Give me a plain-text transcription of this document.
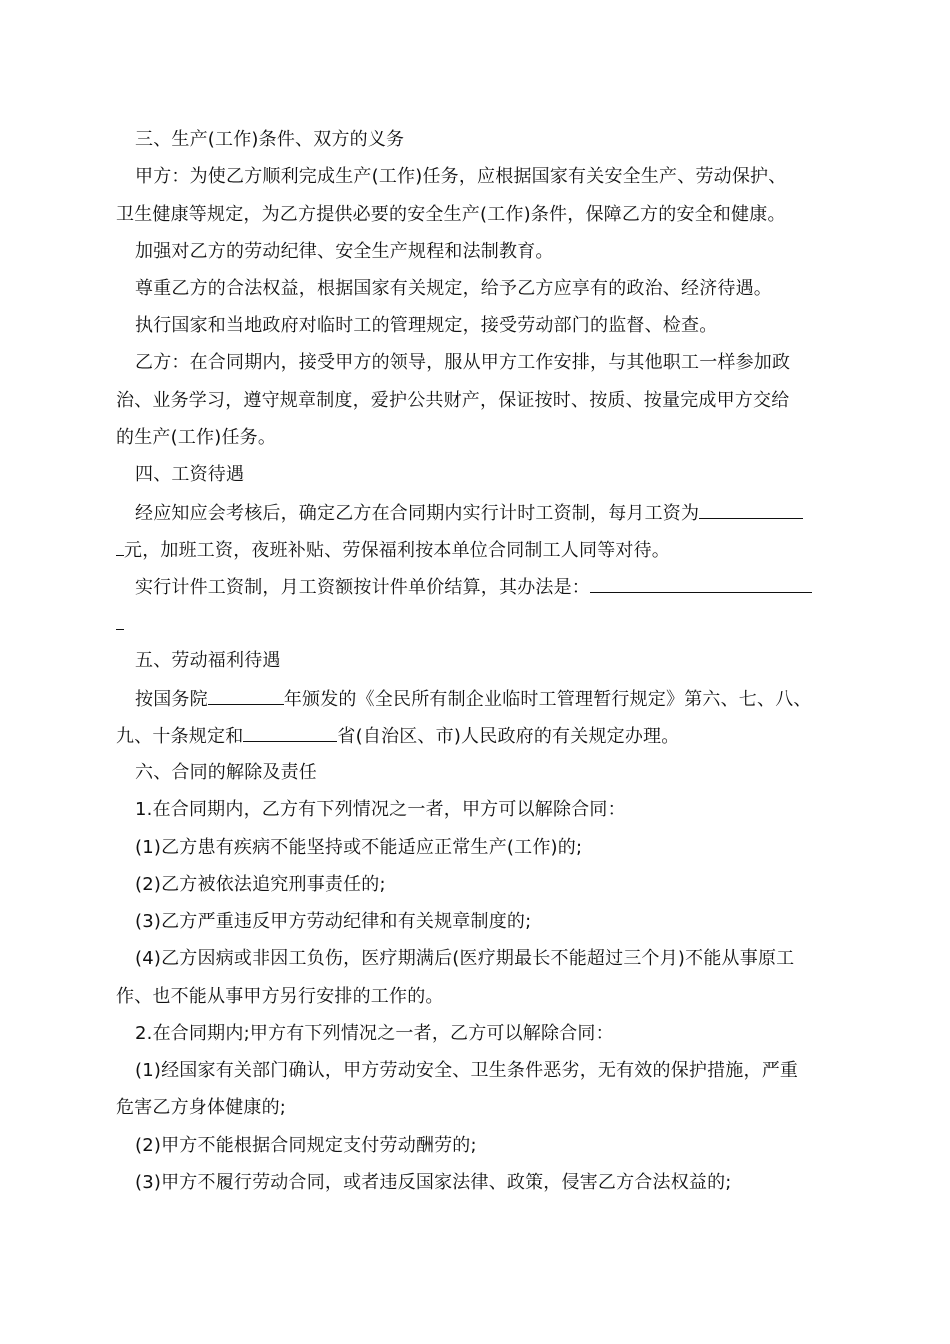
三、生产(工作)条件、双方的义务
甲方：为使乙方顺利完成生产(工作)任务，应根据国家有关安全生产、劳动保护、
卫生健康等规定，为乙方提供必要的安全生产(工作)条件，保障乙方的安全和健康。
加强对乙方的劳动纪律、安全生产规程和法制教育。
尊重乙方的合法权益，根据国家有关规定，给予乙方应享有的政治、经济待遇。
执行国家和当地政府对临时工的管理规定，接受劳动部门的监督、检查。
乙方：在合同期内，接受甲方的领导，服从甲方工作安排，与其他职工一样参加政
治、业务学习，遵守规章制度，爱护公共财产，保证按时、按质、按量完成甲方交给
的生产(工作)任务。
四、工资待遇
经应知应会考核后，确定乙方在合同期内实行计时工资制，每月工资为
元，加班工资，夜班补贴、劳保福利按本单位合同制工人同等对待。
实行计件工资制，月工资额按计件单价结算，其办法是：
五、劳动福利待遇
按国务院	年颁发的《全民所有制企业临时工管理暂行规定》第六、七、八、
九、十条规定和	省(自治区、市)人民政府的有关规定办理。
六、合同的解除及责任
1.在合同期内，乙方有下列情况之一者，甲方可以解除合同：
(1)乙方患有疾病不能坚持或不能适应正常生产(工作)的;
(2)乙方被依法追究刑事责任的;
(3)乙方严重违反甲方劳动纪律和有关规章制度的;
(4)乙方因病或非因工负伤，医疗期满后(医疗期最长不能超过三个月)不能从事原工
作、也不能从事甲方另行安排的工作的。
2.在合同期内;甲方有下列情况之一者，乙方可以解除合同：
(1)经国家有关部门确认，甲方劳动安全、卫生条件恶劣，无有效的保护措施，严重
危害乙方身体健康的;
(2)甲方不能根据合同规定支付劳动酬劳的;
(3)甲方不履行劳动合同，或者违反国家法律、政策，侵害乙方合法权益的;
